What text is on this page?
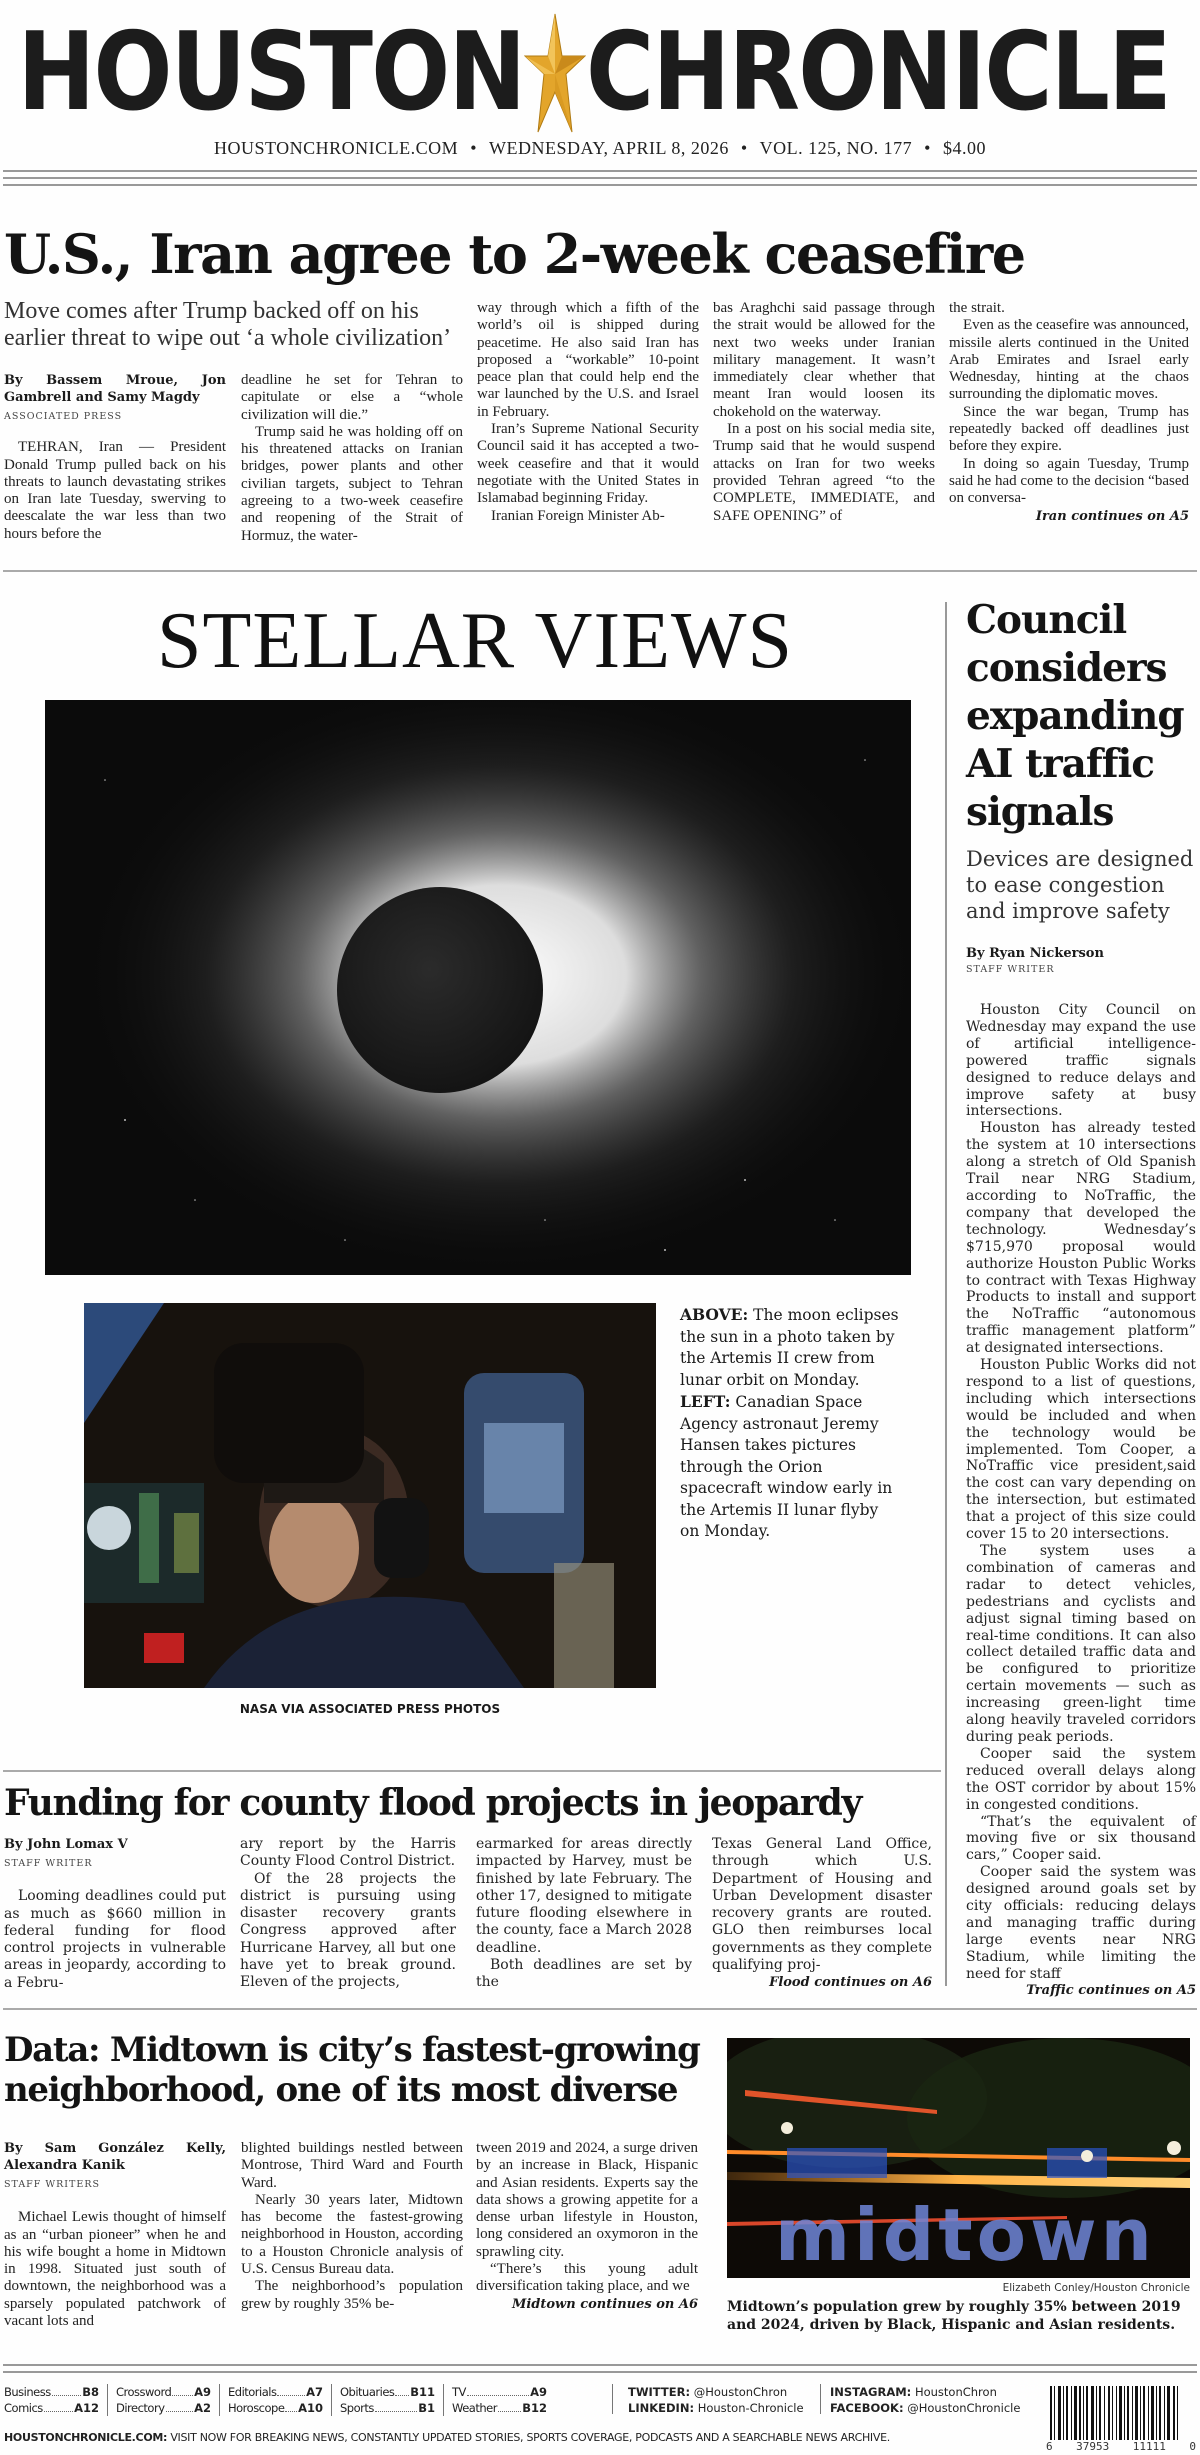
HOUSTON CHRONICLE
HOUSTONCHRONICLE.COM • WEDNESDAY, APRIL 8, 2026 • VOL. 125, NO. 177 • $4.00
U.S., Iran agree to 2-week ceasefire
Move comes after Trump backed off on his earlier threat to wipe out ‘a whole civilization’
By Bassem Mroue, Jon Gambrell and Samy Magdy
ASSOCIATED PRESS

TEHRAN, Iran — President Donald Trump pulled back on his threats to launch devastating strikes on Iran late Tuesday, swerving to deescalate the war less than two hours before the

deadline he set for Tehran to capitulate or else a “whole civilization will die.”

Trump said he was holding off on his threatened attacks on Iranian bridges, power plants and other civilian targets, subject to Tehran agreeing to a two-week ceasefire and reopening of the Strait of Hormuz, the water-

way through which a fifth of the world’s oil is shipped during peacetime. He also said Iran has proposed a “workable” 10-point peace plan that could help end the war launched by the U.S. and Israel in February.

Iran’s Supreme National Security Council said it has accepted a two-week ceasefire and that it would negotiate with the United States in Islamabad beginning Friday.

Iranian Foreign Minister Ab-

bas Araghchi said passage through the strait would be allowed for the next two weeks under Iranian military management. It wasn’t immediately clear whether that meant Iran would loosen its chokehold on the waterway.

In a post on his social media site, Trump said that he would suspend attacks on Iran for two weeks provided Tehran agreed “to the COMPLETE, IMMEDIATE, and SAFE OPENING” of

the strait.

Even as the ceasefire was announced, missile alerts continued in the United Arab Emirates and Israel early Wednesday, hinting at the chaos surrounding the diplomatic moves.

Since the war began, Trump has repeatedly backed off deadlines just before they expire.

In doing so again Tuesday, Trump said he had come to the decision “based on conversa-

Iran continues on A5
STELLAR VIEWS
ABOVE: The moon eclipses the sun in a photo taken by the Artemis II crew from lunar orbit on Monday.
LEFT: Canadian Space Agency astronaut Jeremy Hansen takes pictures through the Orion spacecraft window early in the Artemis II lunar flyby on Monday.
NASA VIA ASSOCIATED PRESS PHOTOS
Council considers expanding AI traffic signals
Devices are designed to ease congestion and improve safety
By Ryan Nickerson
STAFF WRITER

Houston City Council on Wednesday may expand the use of artificial intelligence-powered traffic signals designed to reduce delays and improve safety at busy intersections.

Houston has already tested the system at 10 intersections along a stretch of Old Spanish Trail near NRG Stadium, according to NoTraffic, the company that developed the technology. Wednesday’s $715,970 proposal would authorize Houston Public Works to contract with Texas Highway Products to install and support the NoTraffic “autonomous traffic management platform” at designated intersections.

Houston Public Works did not respond to a list of questions, including which intersections would be included and when the technology would be implemented. Tom Cooper, a NoTraffic vice president,said the cost can vary depending on the intersection, but estimated that a project of this size could cover 15 to 20 intersections.

The system uses a combination of cameras and radar to detect vehicles, pedestrians and cyclists and adjust signal timing based on real-time conditions. It can also collect detailed traffic data and be configured to prioritize certain movements — such as increasing green-light time along heavily traveled corridors during peak periods.

Cooper said the system reduced overall delays along the OST corridor by about 15% in congested conditions.

“That’s the equivalent of moving five or six thousand cars,” Cooper said.

Cooper said the system was designed around goals set by city officials: reducing delays and managing traffic during large events near NRG Stadium, while limiting the need for staff

Traffic continues on A5
Funding for county flood projects in jeopardy
By John Lomax V
STAFF WRITER

Looming deadlines could put as much as $660 million in federal funding for flood control projects in vulnerable areas in jeopardy, according to a Febru-

ary report by the Harris County Flood Control District.

Of the 28 projects the district is pursuing using disaster recovery grants Congress approved after Hurricane Harvey, all but one have yet to break ground. Eleven of the projects,

earmarked for areas directly impacted by Harvey, must be finished by late February. The other 17, designed to mitigate future flooding elsewhere in the county, face a March 2028 deadline.

Both deadlines are set by the

Texas General Land Office, through which U.S. Department of Housing and Urban Development disaster recovery grants are routed. GLO then reimburses local governments as they complete qualifying proj-

Flood continues on A6
Data: Midtown is city’s fastest-growing neighborhood, one of its most diverse
By Sam González Kelly, Alexandra Kanik
STAFF WRITERS

Michael Lewis thought of himself as an “urban pioneer” when he and his wife bought a home in Midtown in 1998. Situated just south of downtown, the neighborhood was a sparsely populated patchwork of vacant lots and

blighted buildings nestled between Montrose, Third Ward and Fourth Ward.

Nearly 30 years later, Midtown has become the fastest-growing neighborhood in Houston, according to a Houston Chronicle analysis of U.S. Census Bureau data.

The neighborhood’s population grew by roughly 35% be-

tween 2019 and 2024, a surge driven by an increase in Black, Hispanic and Asian residents. Experts say the data shows a growing appetite for a dense urban lifestyle in Houston, long considered an oxymoron in the sprawling city.

“There’s this young adult diversification taking place, and we

Midtown continues on A6
midtown
Elizabeth Conley/Houston Chronicle
Midtown’s population grew by roughly 35% between 2019 and 2024, driven by Black, Hispanic and Asian residents.
Business	B8
Comics	A12
Crossword A9
Directory	A2
Editorials	A7
Horoscope A10
Obituaries B11
Sports	B1
TV	A9
Weather B12
TWITTER: @HoustonChron
LINKEDIN: Houston-Chronicle
INSTAGRAM: HoustonChron
FACEBOOK: @HoustonChronicle
HOUSTONCHRONICLE.COM: VISIT NOW FOR BREAKING NEWS, CONSTANTLY UPDATED STORIES, SPORTS COVERAGE, PODCASTS AND A SEARCHABLE NEWS ARCHIVE.
6 37953 11111 0
